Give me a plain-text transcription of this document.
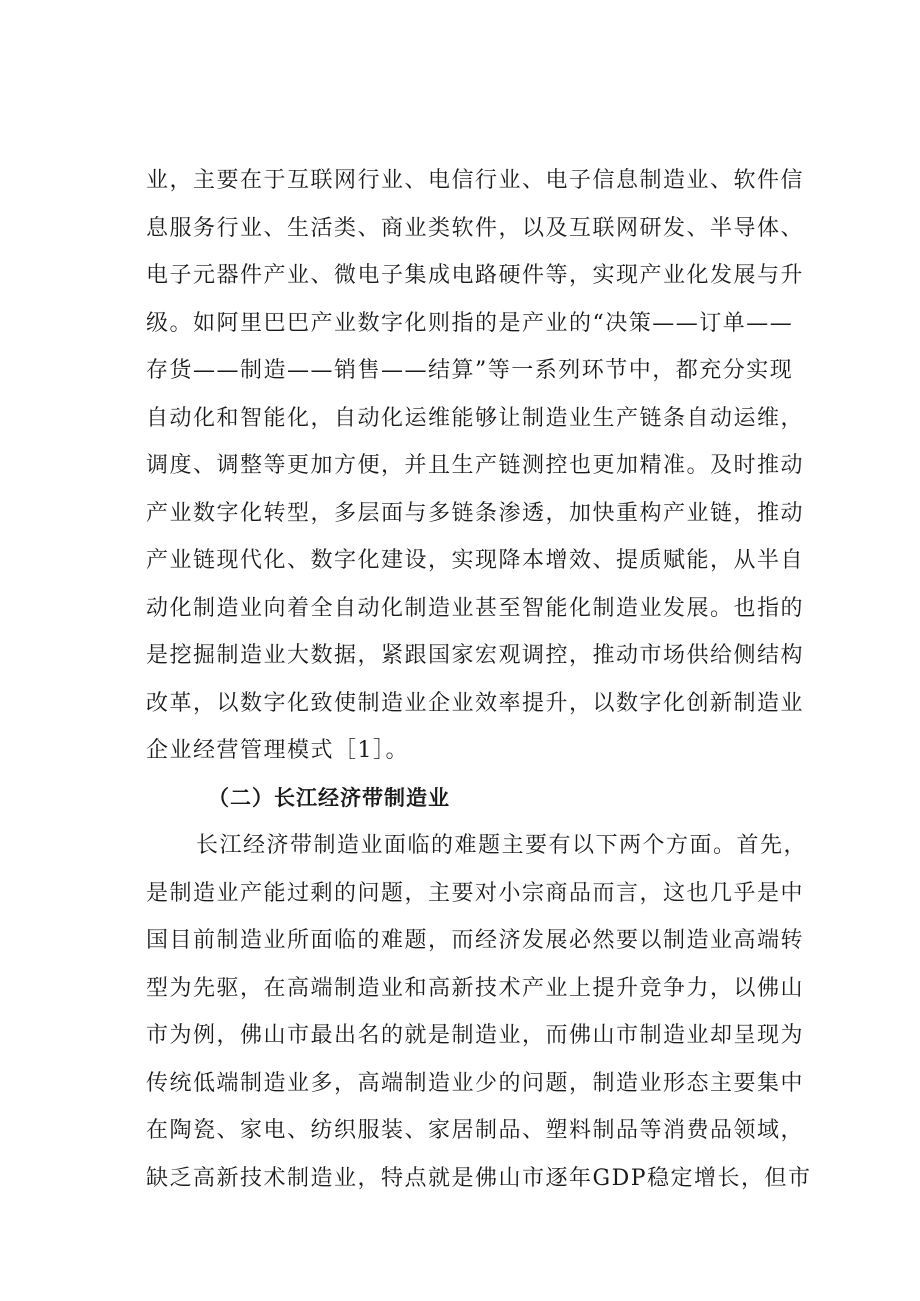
业，主要在于互联网行业、电信行业、电子信息制造业、软件信
息服务行业、生活类、商业类软件，以及互联网研发、半导体、
电子元器件产业、微电子集成电路硬件等，实现产业化发展与升
级。如阿里巴巴产业数字化则指的是产业的“决策——订单——
存货——制造——销售——结算”等一系列环节中，都充分实现
自动化和智能化，自动化运维能够让制造业生产链条自动运维，
调度、调整等更加方便，并且生产链测控也更加精准。及时推动
产业数字化转型，多层面与多链条渗透，加快重构产业链，推动
产业链现代化、数字化建设，实现降本增效、提质赋能，从半自
动化制造业向着全自动化制造业甚至智能化制造业发展。也指的
是挖掘制造业大数据，紧跟国家宏观调控，推动市场供给侧结构
改革，以数字化致使制造业企业效率提升，以数字化创新制造业
企业经营管理模式［1］。
（二）长江经济带制造业
长江经济带制造业面临的难题主要有以下两个方面。首先，
是制造业产能过剩的问题，主要对小宗商品而言，这也几乎是中
国目前制造业所面临的难题，而经济发展必然要以制造业高端转
型为先驱，在高端制造业和高新技术产业上提升竞争力，以佛山
市为例，佛山市最出名的就是制造业，而佛山市制造业却呈现为
传统低端制造业多，高端制造业少的问题，制造业形态主要集中
在陶瓷、家电、纺织服装、家居制品、塑料制品等消费品领域，
缺乏高新技术制造业，特点就是佛山市逐年GDP稳定增长，但市
